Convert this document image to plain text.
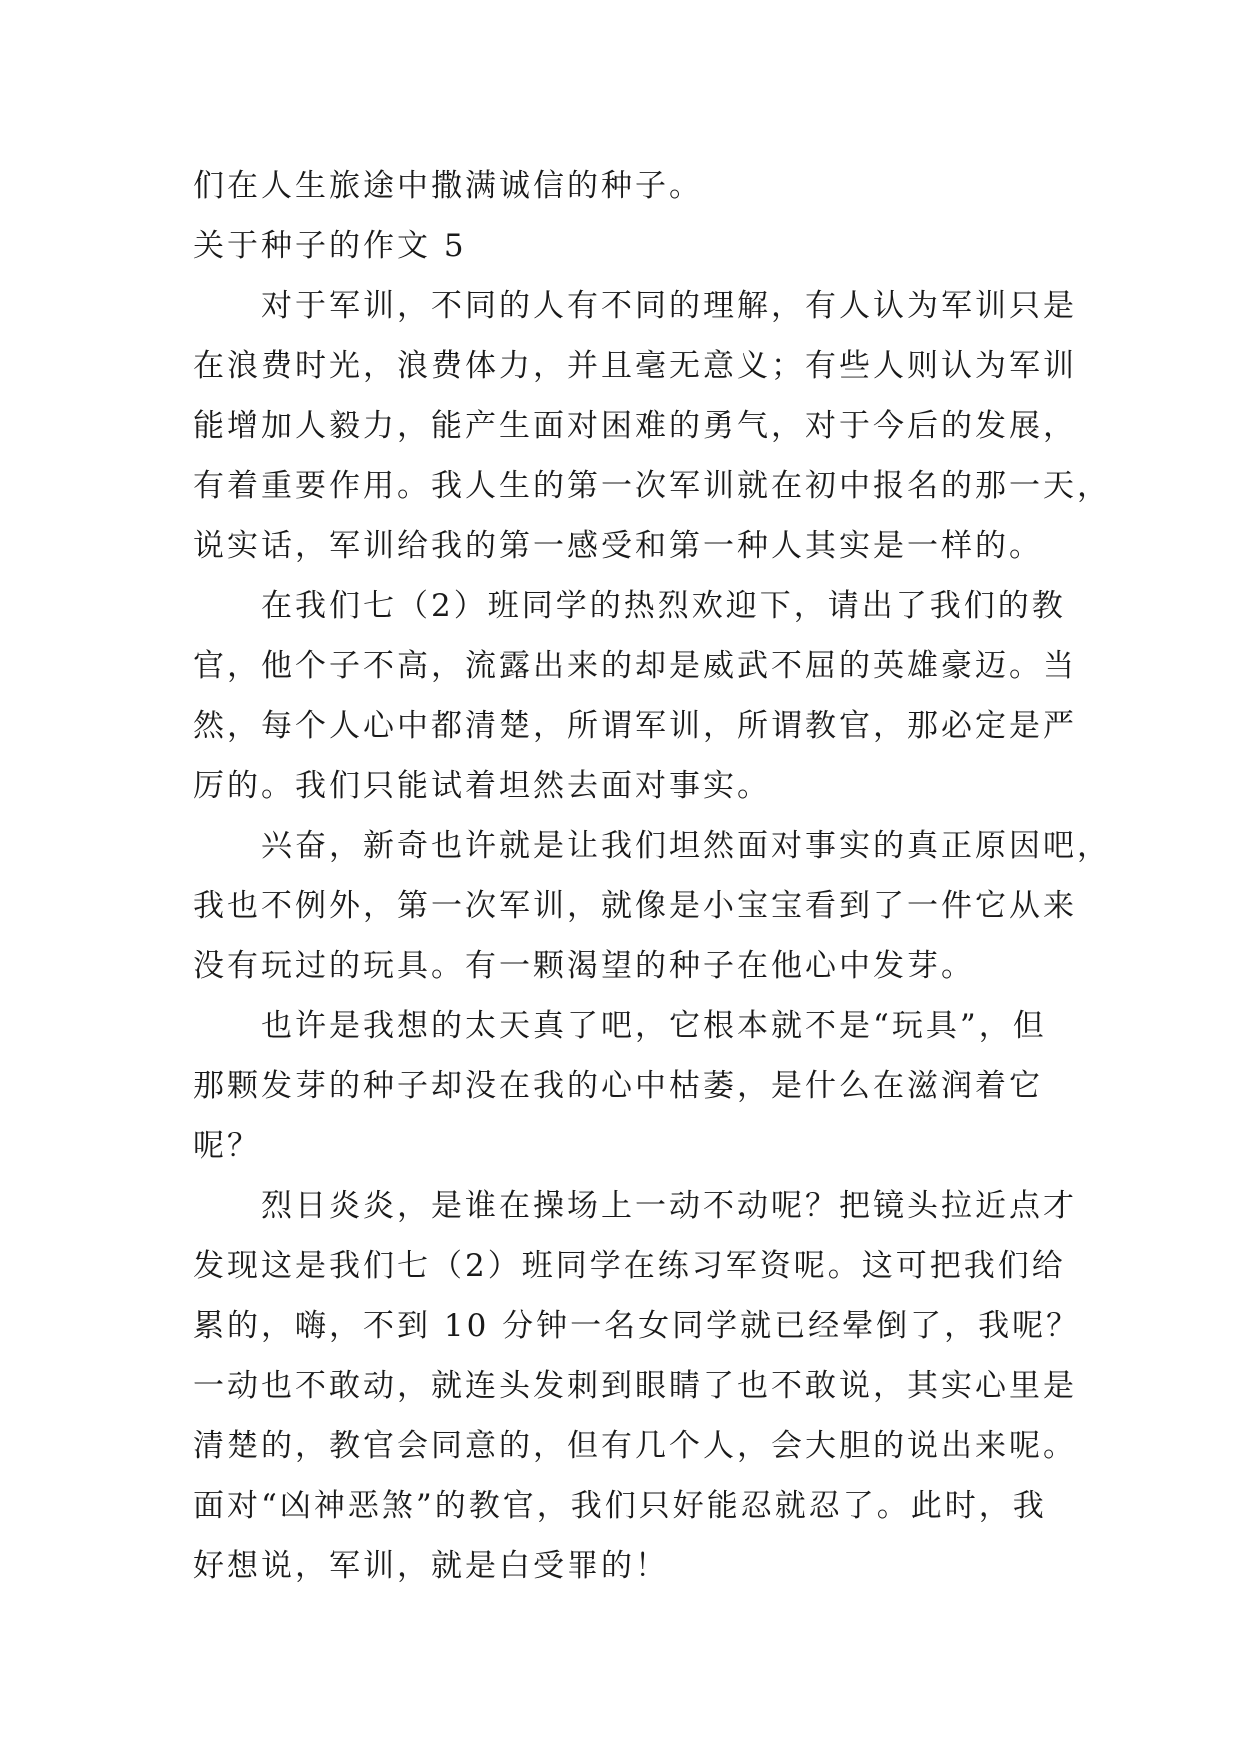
们在人生旅途中撒满诚信的种子。
关于种子的作文 5
对于军训，不同的人有不同的理解，有人认为军训只是
在浪费时光，浪费体力，并且毫无意义；有些人则认为军训
能增加人毅力，能产生面对困难的勇气，对于今后的发展，
有着重要作用。我人生的第一次军训就在初中报名的那一天，
说实话，军训给我的第一感受和第一种人其实是一样的。
在我们七（2）班同学的热烈欢迎下，请出了我们的教
官，他个子不高，流露出来的却是威武不屈的英雄豪迈。当
然，每个人心中都清楚，所谓军训，所谓教官，那必定是严
厉的。我们只能试着坦然去面对事实。
兴奋，新奇也许就是让我们坦然面对事实的真正原因吧，
我也不例外，第一次军训，就像是小宝宝看到了一件它从来
没有玩过的玩具。有一颗渴望的种子在他心中发芽。
也许是我想的太天真了吧，它根本就不是“玩具”，但
那颗发芽的种子却没在我的心中枯萎，是什么在滋润着它
呢？
烈日炎炎，是谁在操场上一动不动呢？把镜头拉近点才
发现这是我们七（2）班同学在练习军资呢。这可把我们给
累的，嗨，不到 10 分钟一名女同学就已经晕倒了，我呢？
一动也不敢动，就连头发刺到眼睛了也不敢说，其实心里是
清楚的，教官会同意的，但有几个人，会大胆的说出来呢。
面对“凶神恶煞”的教官，我们只好能忍就忍了。此时，我
好想说，军训，就是白受罪的！
